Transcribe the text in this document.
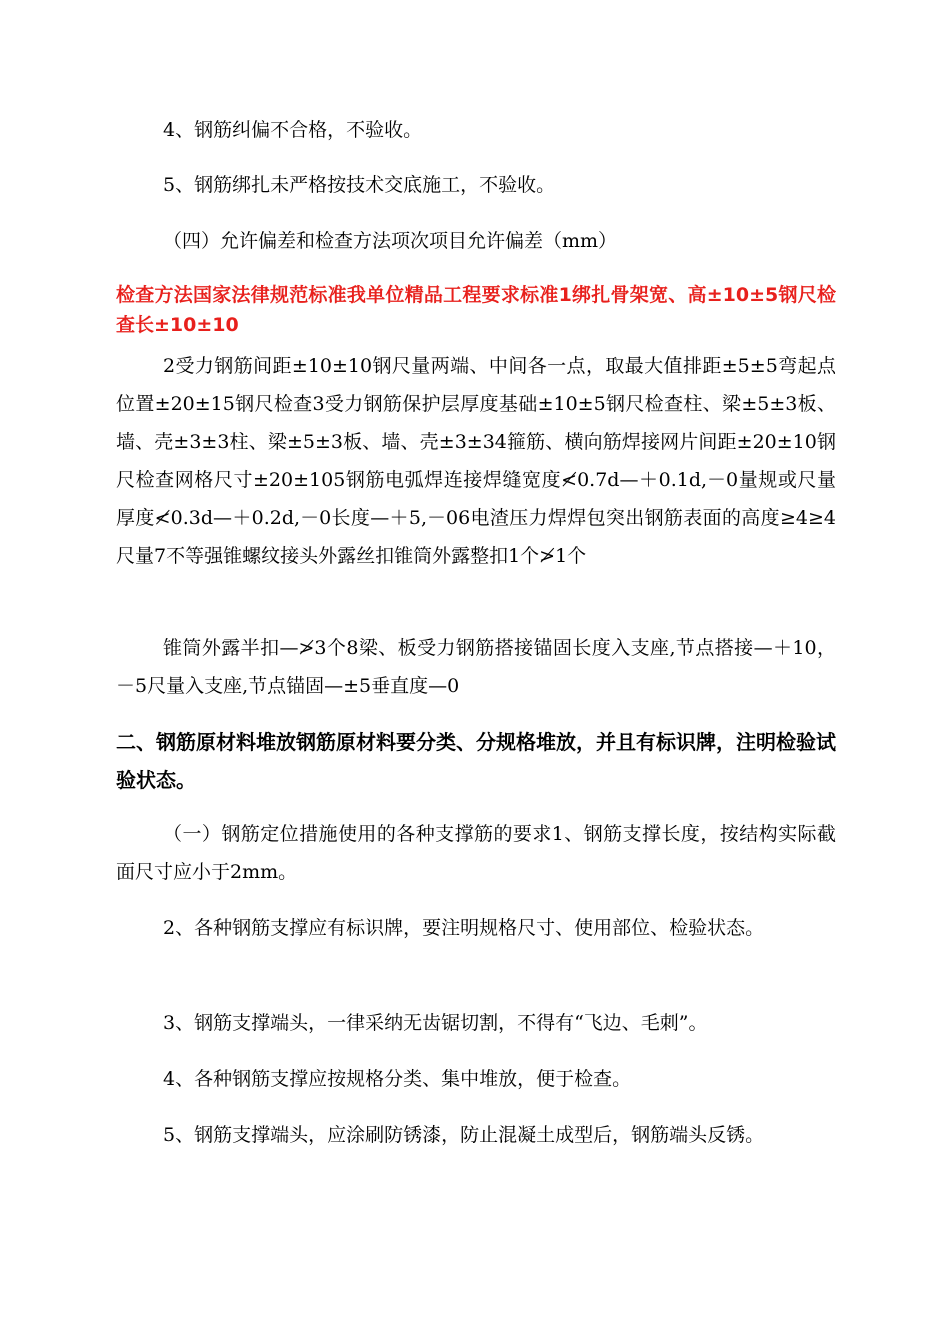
4、钢筋纠偏不合格，不验收。

5、钢筋绑扎未严格按技术交底施工，不验收。

（四）允许偏差和检查方法项次项目允许偏差（mm）

检查方法国家法律规范标准我单位精品工程要求标准1绑扎骨架宽、高±10±5钢尺检查长±10±10

2受力钢筋间距±10±10钢尺量两端、中间各一点，取最大值排距±5±5弯起点位置±20±15钢尺检查3受力钢筋保护层厚度基础±10±5钢尺检查柱、梁±5±3板、墙、壳±3±3柱、梁±5±3板、墙、壳±3±34箍筋、横向筋焊接网片间距±20±10钢尺检查网格尺寸±20±105钢筋电弧焊连接焊缝宽度≮0.7d—＋0.1d,－0量规或尺量厚度≮0.3d—＋0.2d,－0长度—＋5,－06电渣压力焊焊包突出钢筋表面的高度≥4≥4尺量7不等强锥螺纹接头外露丝扣锥筒外露整扣1个≯1个

锥筒外露半扣—≯3个8梁、板受力钢筋搭接锚固长度入支座,节点搭接—＋10，－5尺量入支座,节点锚固—±5垂直度—0

二、钢筋原材料堆放钢筋原材料要分类、分规格堆放，并且有标识牌，注明检验试验状态。

（一）钢筋定位措施使用的各种支撑筋的要求1、钢筋支撑长度，按结构实际截面尺寸应小于2mm。

2、各种钢筋支撑应有标识牌，要注明规格尺寸、使用部位、检验状态。

3、钢筋支撑端头，一律采纳无齿锯切割，不得有“飞边、毛刺”。

4、各种钢筋支撑应按规格分类、集中堆放，便于检查。

5、钢筋支撑端头，应涂刷防锈漆，防止混凝土成型后，钢筋端头反锈。
